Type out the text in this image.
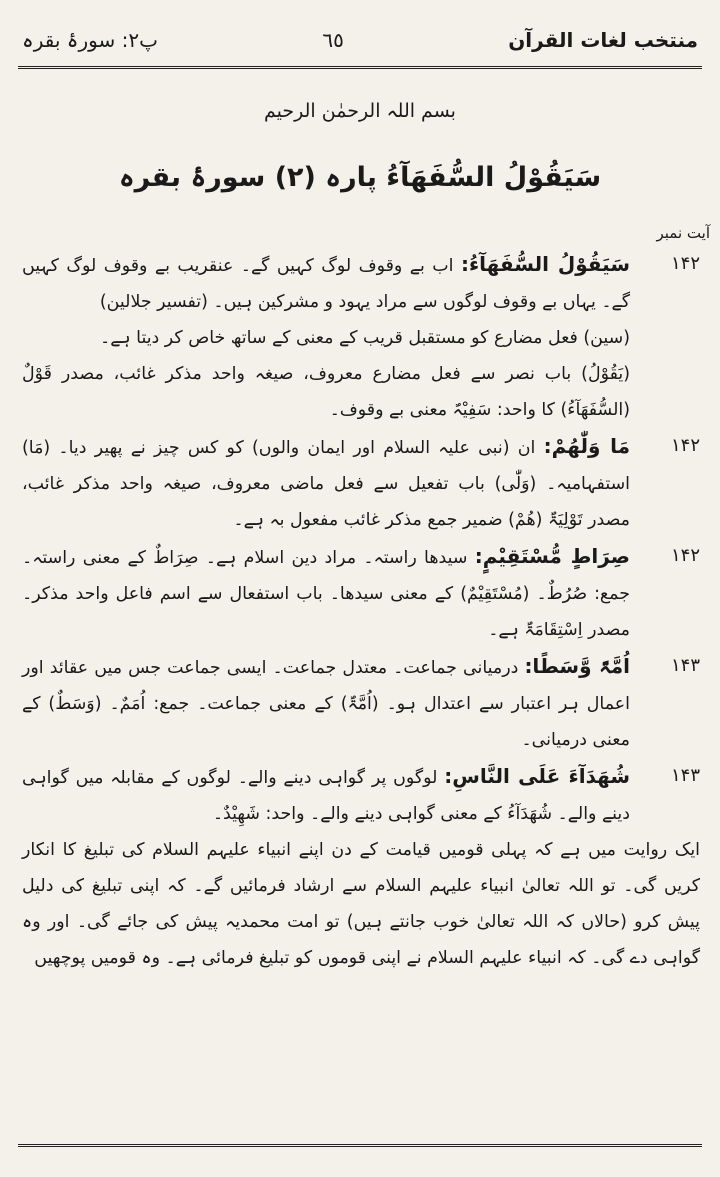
پ۲: سورۂ بقرہ	٦٥	منتخب لغات القرآن
بسم اللہ الرحمٰن الرحیم
سَیَقُوْلُ السُّفَھَآءُ پارہ (۲) سورۂ بقرہ
آیت نمبر
۱۴۲

سَیَقُوْلُ السُّفَھَآءُ: اب بے وقوف لوگ کہیں گے۔ عنقریب بے وقوف لوگ کہیں گے۔ یہاں بے وقوف لوگوں سے مراد یہود و مشرکین ہیں۔ (تفسیر جلالین)

(سین) فعل مضارع کو مستقبل قریب کے معنی کے ساتھ خاص کر دیتا ہے۔

(یَقُوْلُ) باب نصر سے فعل مضارع معروف، صیغہ واحد مذکر غائب، مصدر قَوْلٌ (السُّفَھَآءُ) کا واحد: سَفِیْہٌ معنی بے وقوف۔

۱۴۲

مَا وَلّٰھُمْ: ان (نبی علیہ السلام اور ایمان والوں) کو کس چیز نے پھیر دیا۔ (مَا) استفہامیہ۔ (وَلّٰی) باب تفعیل سے فعل ماضی معروف، صیغہ واحد مذکر غائب، مصدر تَوْلِیَۃٌ (ھُمْ) ضمیر جمع مذکر غائب مفعول بہ ہے۔

۱۴۲

صِرَاطٍ مُّسْتَقِیْمٍ: سیدھا راستہ۔ مراد دین اسلام ہے۔ صِرَاطٌ کے معنی راستہ۔ جمع: صُرُطٌ۔ (مُسْتَقِیْمٌ) کے معنی سیدھا۔ باب استفعال سے اسم فاعل واحد مذکر۔ مصدر اِسْتِقَامَۃٌ ہے۔

۱۴۳

اُمَّۃً وَّسَطًا: درمیانی جماعت۔ معتدل جماعت۔ ایسی جماعت جس میں عقائد اور اعمال ہر اعتبار سے اعتدال ہو۔ (اُمَّۃٌ) کے معنی جماعت۔ جمع: اُمَمٌ۔ (وَسَطٌ) کے معنی درمیانی۔

۱۴۳

شُھَدَآءَ عَلَی النَّاسِ: لوگوں پر گواہی دینے والے۔ لوگوں کے مقابلہ میں گواہی دینے والے۔ شُھَدَآءُ کے معنی گواہی دینے والے۔ واحد: شَھِیْدٌ۔

ایک روایت میں ہے کہ پہلی قومیں قیامت کے دن اپنے انبیاء علیہم السلام کی تبلیغ کا انکار کریں گی۔ تو اللہ تعالیٰ انبیاء علیہم السلام سے ارشاد فرمائیں گے۔ کہ اپنی تبلیغ کی دلیل پیش کرو (حالاں کہ اللہ تعالیٰ خوب جانتے ہیں) تو امت محمدیہ پیش کی جائے گی۔ اور وہ گواہی دے گی۔ کہ انبیاء علیہم السلام نے اپنی قوموں کو تبلیغ فرمائی ہے۔ وہ قومیں پوچھیں
